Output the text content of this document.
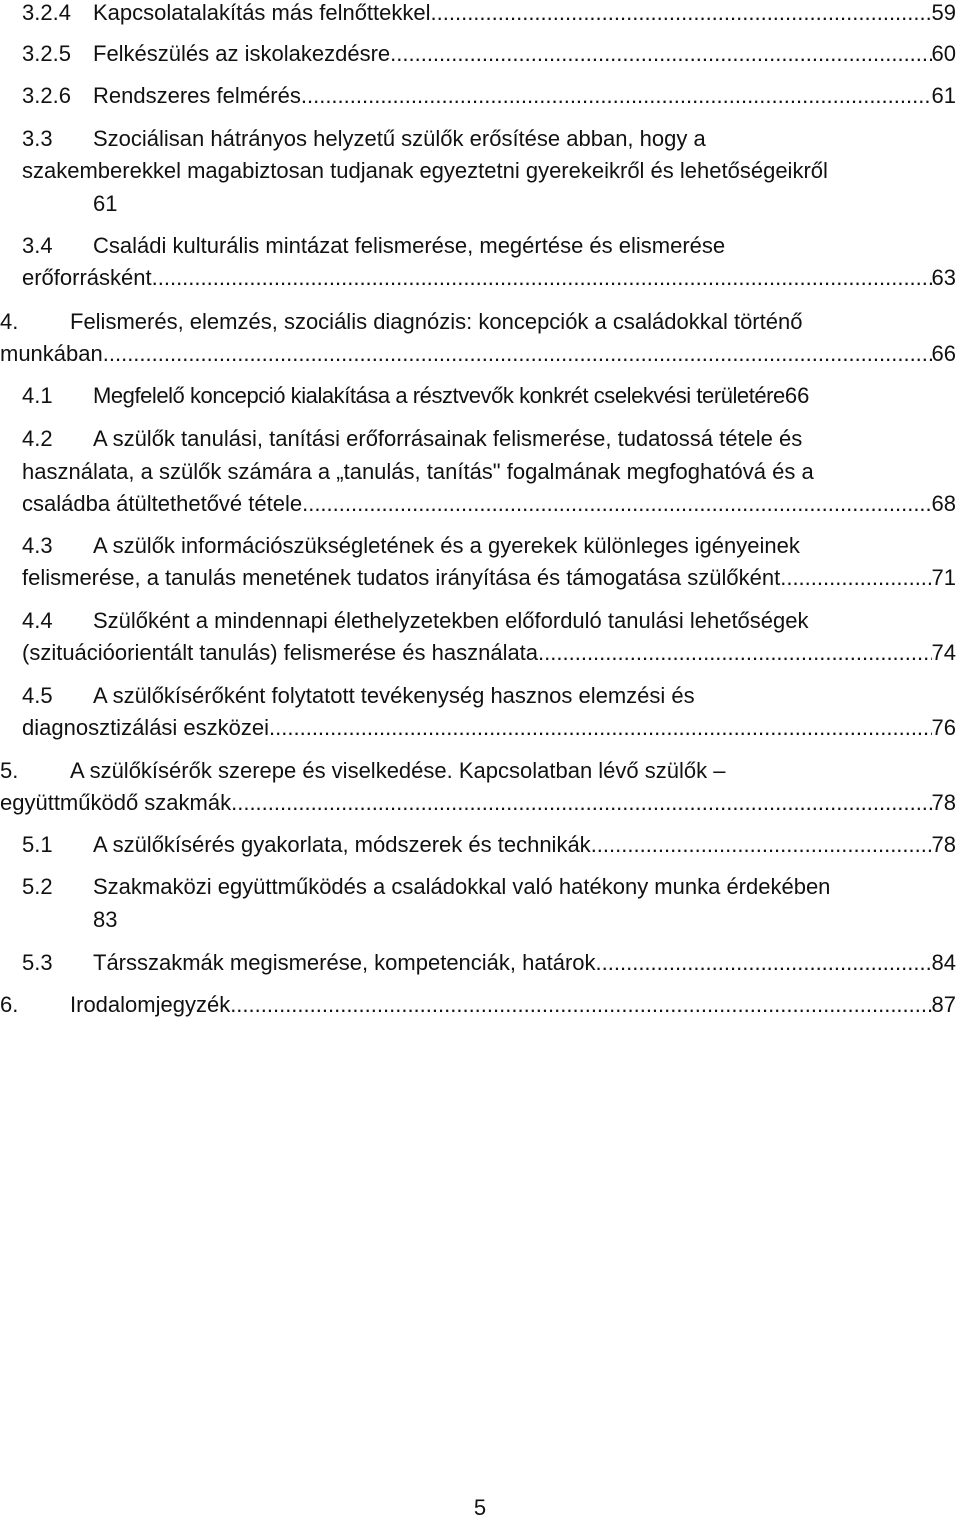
3.2.4 Kapcsolatalakítás más felnőttekkel .....	59
3.2.5 Felkészülés az iskolakezdésre .....	60
3.2.6 Rendszeres felmérés .....	61
3.3 Szociálisan hátrányos helyzetű szülők erősítése abban, hogy a
szakemberekkel magabiztosan tudjanak egyeztetni gyerekeikről és lehetőségeikről
61
3.4 Családi kulturális mintázat felismerése, megértése és elismerése
erőforrásként .....	63
4. Felismerés, elemzés, szociális diagnózis: koncepciók a családokkal történő
munkában .....	66
4.1 Megfelelő koncepció kialakítása a résztvevők konkrét cselekvési területére 66
4.2 A szülők tanulási, tanítási erőforrásainak felismerése, tudatossá tétele és
használata, a szülők számára a „tanulás, tanítás" fogalmának megfoghatóvá és a
családba átültethetővé tétele .....	68
4.3 A szülők információszükségletének és a gyerekek különleges igényeinek
felismerése, a tanulás menetének tudatos irányítása és támogatása szülőként .....	71
4.4 Szülőként a mindennapi élethelyzetekben előforduló tanulási lehetőségek
(szituációorientált tanulás) felismerése és használata .....	74
4.5 A szülőkísérőként folytatott tevékenység hasznos elemzési és
diagnosztizálási eszközei .....	76
5. A szülőkísérők szerepe és viselkedése. Kapcsolatban lévő szülők –
együttműködő szakmák .....	78
5.1 A szülőkísérés gyakorlata, módszerek és technikák .....	78
5.2 Szakmaközi együttműködés a családokkal való hatékony munka érdekében
83
5.3 Társszakmák megismerése, kompetenciák, határok .....	84
6. Irodalomjegyzék .....	87
5
